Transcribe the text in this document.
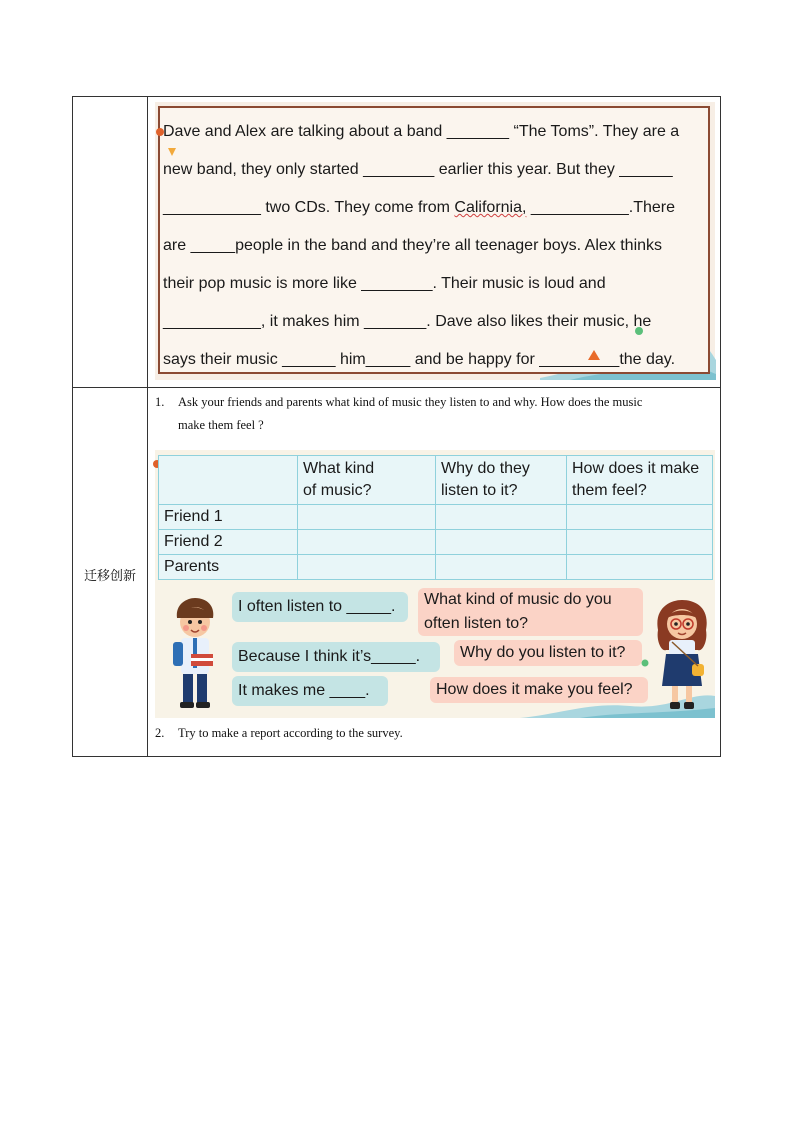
迁移创新
Dave and Alex are talking about a band _______ “The Toms”. They are a
new band, they only started ________ earlier this year. But they ______
___________ two CDs. They come from California, ___________.There
are _____people in the band and they’re all teenager boys. Alex thinks
their pop music is more like ________. Their music is loud and
___________, it makes him _______. Dave also likes their music, he
says their music ______ him_____ and be happy for _________the day.
1. Ask your friends and parents what kind of music they listen to and why. How does the music
make them feel ?
	What kind
of music?	Why do they
listen to it?	How does it make
them feel?
Friend 1			
Friend 2			
Parents			
I often listen to _____.
Because I think it’s_____.
It makes me ____.
What kind of music do you
often listen to?
Why do you listen to it?
How does it make you feel?
2. Try to make a report according to the survey.
